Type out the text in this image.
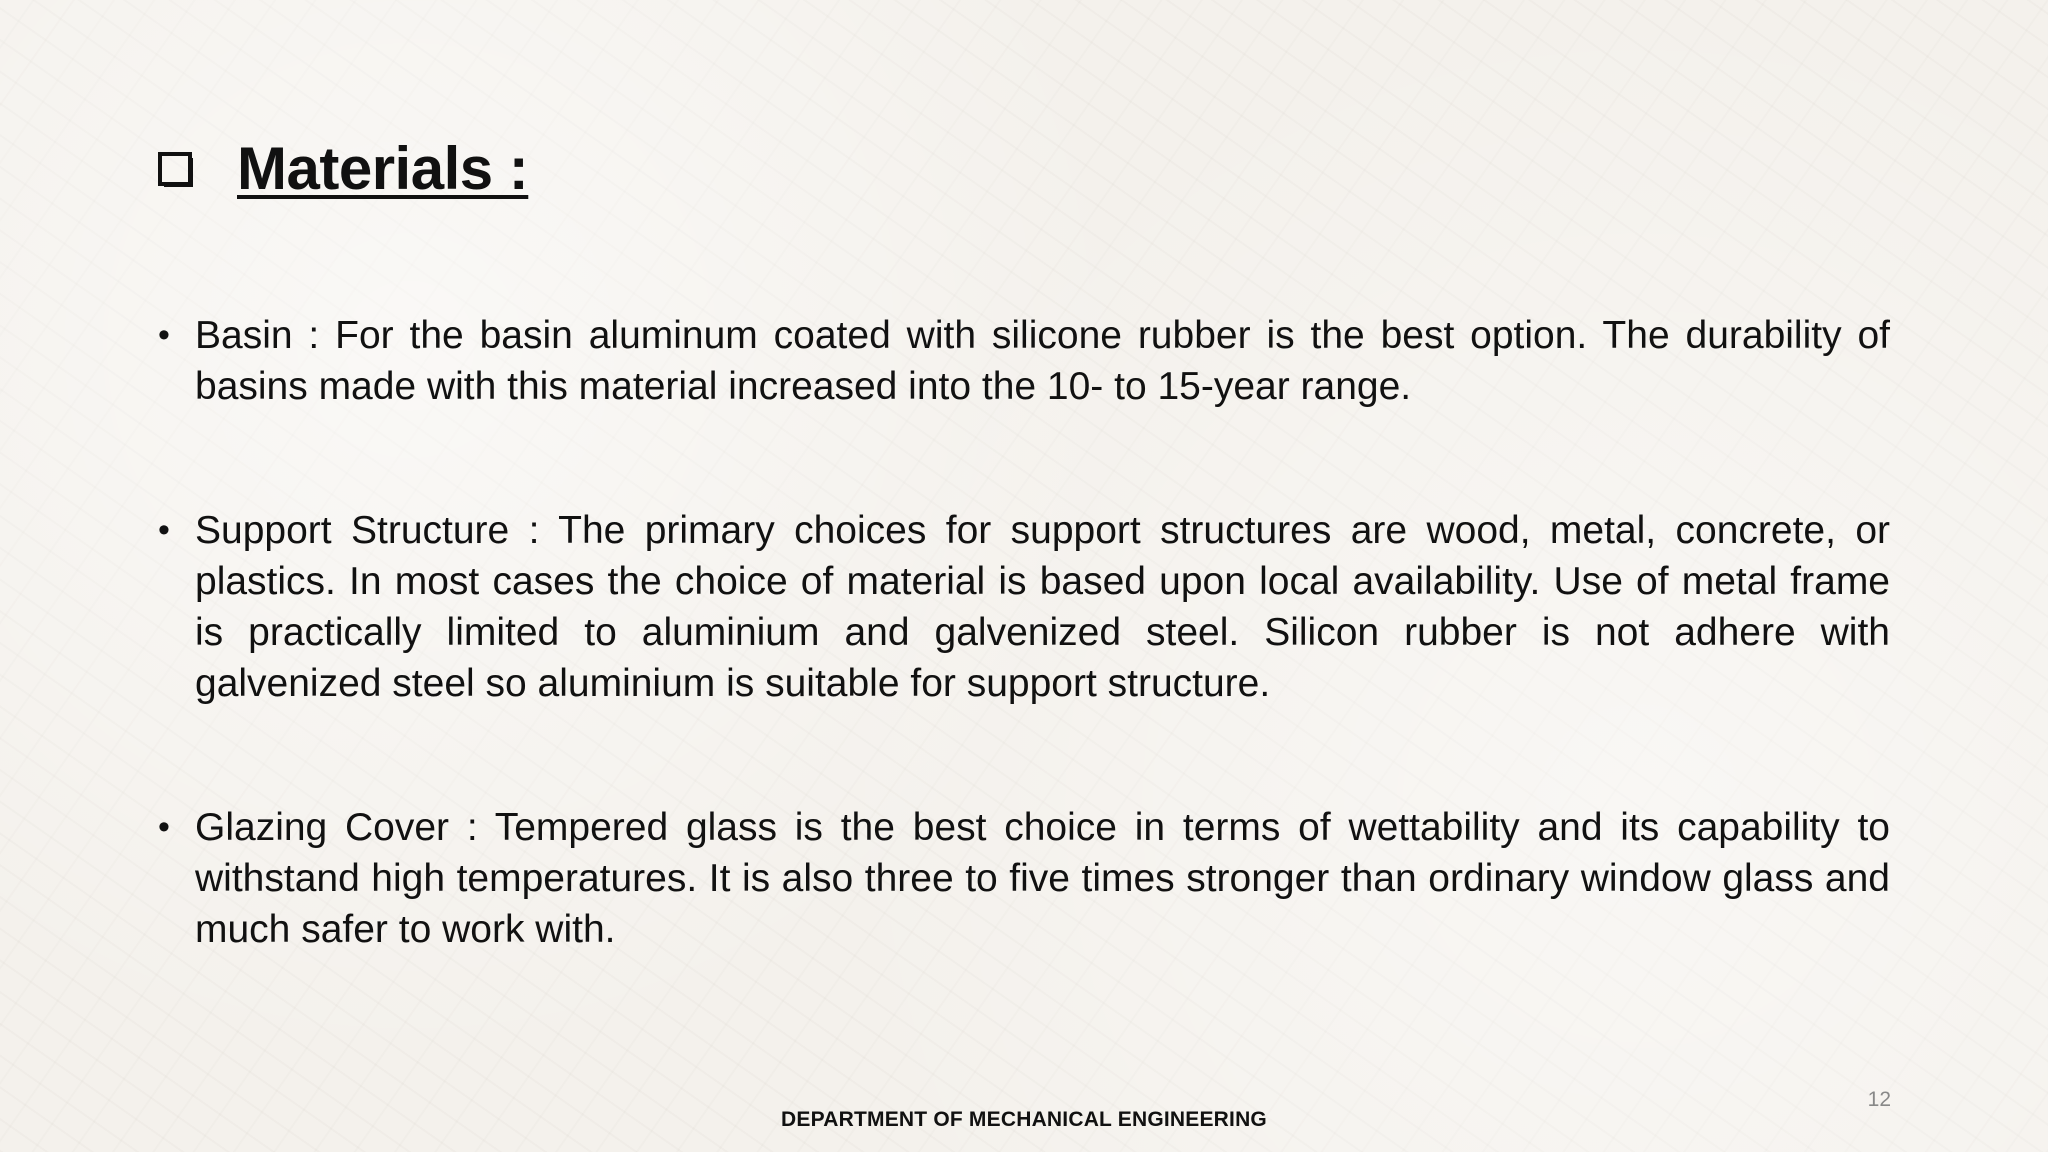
Materials :
• Basin : For the basin aluminum coated with silicone rubber is the best option. The durability of basins made with this material increased into the 10- to 15-year range.
• Support Structure : The primary choices for support structures are wood, metal, concrete, or plastics. In most cases the choice of material is based upon local availability. Use of metal frame is practically limited to aluminium and galvenized steel. Silicon rubber is not adhere with galvenized steel so aluminium is suitable for support structure.
• Glazing Cover : Tempered glass is the best choice in terms of wettability and its capability to withstand high temperatures. It is also three to five times stronger than ordinary window glass and much safer to work with.
12
DEPARTMENT OF MECHANICAL ENGINEERING
